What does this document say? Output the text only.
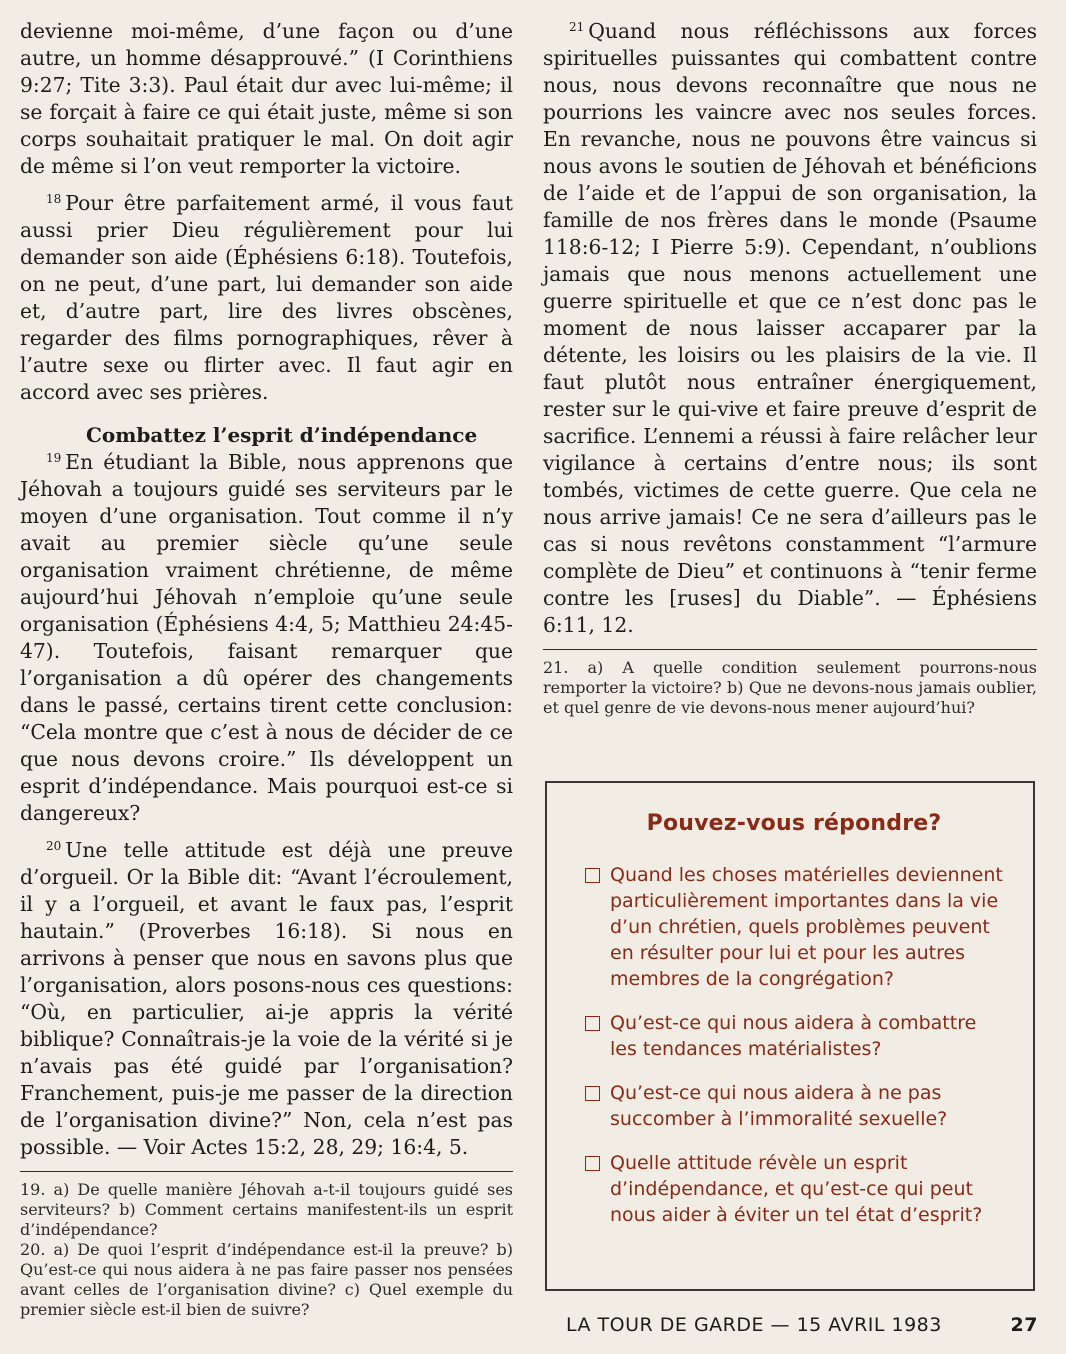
devienne moi-même, d’une façon ou d’une autre, un homme désapprouvé.” (I Corinthiens 9:27; Tite 3:3). Paul était dur avec lui-même; il se forçait à faire ce qui était juste, même si son corps souhaitait pratiquer le mal. On doit agir de même si l’on veut remporter la victoire.

$^{18}$ Pour être parfaitement armé, il vous faut aussi prier Dieu régulièrement pour lui demander son aide (Éphésiens 6:18). Toutefois, on ne peut, d’une part, lui demander son aide et, d’autre part, lire des livres obscènes, regarder des films pornographiques, rêver à l’autre sexe ou flirter avec. Il faut agir en accord avec ses prières.

Combattez l’esprit d’indépendance

$^{19}$ En étudiant la Bible, nous apprenons que Jéhovah a toujours guidé ses serviteurs par le moyen d’une organisation. Tout comme il n’y avait au premier siècle qu’une seule organisation vraiment chrétienne, de même aujourd’hui Jéhovah n’emploie qu’une seule organisation (Éphésiens 4:4, 5; Matthieu 24:45-47). Toutefois, faisant remarquer que l’organisation a dû opérer des changements dans le passé, certains tirent cette conclusion: “Cela montre que c’est à nous de décider de ce que nous devons croire.” Ils développent un esprit d’indépendance. Mais pourquoi est-ce si dangereux?

$^{20}$ Une telle attitude est déjà une preuve d’orgueil. Or la Bible dit: “Avant l’écroulement, il y a l’orgueil, et avant le faux pas, l’esprit hautain.” (Proverbes 16:18). Si nous en arrivons à penser que nous en savons plus que l’organisation, alors posons-nous ces questions: “Où, en particulier, ai-je appris la vérité biblique? Connaîtrais-je la voie de la vérité si je n’avais pas été guidé par l’organisation? Franchement, puis-je me passer de la direction de l’organisation divine?” Non, cela n’est pas possible. — Voir Actes 15:2, 28, 29; 16:4, 5.

19. a) De quelle manière Jéhovah a-t-il toujours guidé ses serviteurs? b) Comment certains manifestent-ils un esprit d’indépendance?

20. a) De quoi l’esprit d’indépendance est-il la preuve? b) Qu’est-ce qui nous aidera à ne pas faire passer nos pensées avant celles de l’organisation divine? c) Quel exemple du premier siècle est-il bien de suivre?

$^{21}$ Quand nous réfléchissons aux forces spirituelles puissantes qui combattent contre nous, nous devons reconnaître que nous ne pourrions les vaincre avec nos seules forces. En revanche, nous ne pouvons être vaincus si nous avons le soutien de Jéhovah et bénéficions de l’aide et de l’appui de son organisation, la famille de nos frères dans le monde (Psaume 118:6-12; I Pierre 5:9). Cependant, n’oublions jamais que nous menons actuellement une guerre spirituelle et que ce n’est donc pas le moment de nous laisser accaparer par la détente, les loisirs ou les plaisirs de la vie. Il faut plutôt nous entraîner énergiquement, rester sur le qui-vive et faire preuve d’esprit de sacrifice. L’ennemi a réussi à faire relâcher leur vigilance à certains d’entre nous; ils sont tombés, victimes de cette guerre. Que cela ne nous arrive jamais! Ce ne sera d’ailleurs pas le cas si nous revêtons constamment “l’armure complète de Dieu” et continuons à “tenir ferme contre les [ruses] du Diable”. — Éphésiens 6:11, 12.

21. a) A quelle condition seulement pourrons-nous remporter la victoire? b) Que ne devons-nous jamais oublier, et quel genre de vie devons-nous mener aujourd’hui?

Pouvez-vous répondre?
Quand les choses matérielles deviennent particulièrement importantes dans la vie d’un chrétien, quels problèmes peuvent en résulter pour lui et pour les autres membres de la congrégation?
Qu’est-ce qui nous aidera à combattre les tendances matérialistes?
Qu’est-ce qui nous aidera à ne pas succomber à l’immoralité sexuelle?
Quelle attitude révèle un esprit d’indépendance, et qu’est-ce qui peut nous aider à éviter un tel état d’esprit?
LA TOUR DE GARDE — 15 AVRIL 1983	27
